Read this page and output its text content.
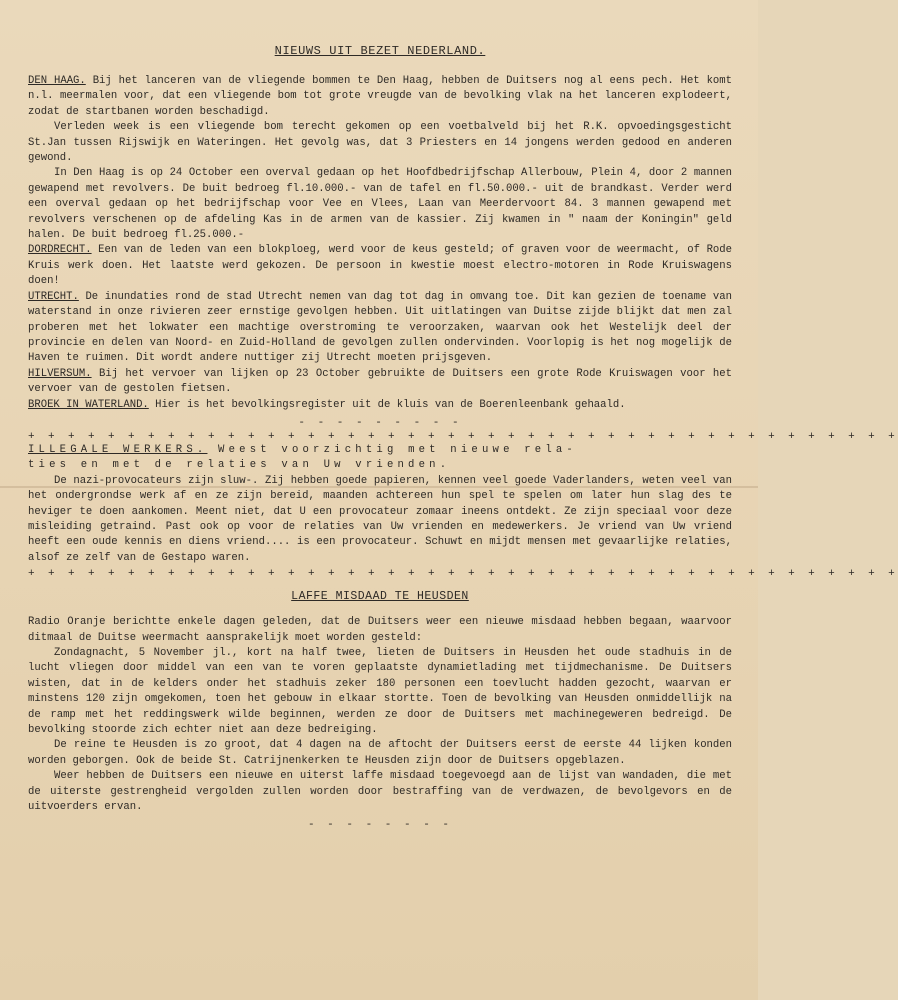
NIEUWS UIT BEZET NEDERLAND.

DEN HAAG. Bij het lanceren van de vliegende bommen te Den Haag, hebben de Duitsers nog al eens pech. Het komt n.l. meermalen voor, dat een vliegende bom tot grote vreugde van de bevolking vlak na het lanceren explodeert, zodat de startbanen worden beschadigd.

Verleden week is een vliegende bom terecht gekomen op een voetbalveld bij het R.K. opvoedingsgesticht St.Jan tussen Rijswijk en Wateringen. Het gevolg was, dat 3 Priesters en 14 jongens werden gedood en anderen gewond.

In Den Haag is op 24 October een overval gedaan op het Hoofdbedrijfschap Allerbouw, Plein 4, door 2 mannen gewapend met revolvers. De buit bedroeg fl.10.000.- van de tafel en fl.50.000.- uit de brandkast. Verder werd een overval gedaan op het bedrijfschap voor Vee en Vlees, Laan van Meerdervoort 84. 3 mannen gewapend met revolvers verschenen op de afdeling Kas in de armen van de kassier. Zij kwamen in " naam der Koningin" geld halen. De buit bedroeg fl.25.000.-

DORDRECHT. Een van de leden van een blokploeg, werd voor de keus gesteld; of graven voor de weermacht, of Rode Kruis werk doen. Het laatste werd gekozen. De persoon in kwestie moest electro-motoren in Rode Kruiswagens doen!

UTRECHT. De inundaties rond de stad Utrecht nemen van dag tot dag in omvang toe. Dit kan gezien de toename van waterstand in onze rivieren zeer ernstige gevolgen hebben. Uit uitlatingen van Duitse zijde blijkt dat men zal proberen met het lokwater een machtige overstroming te veroorzaken, waarvan ook het Westelijk deel der provincie en delen van Noord- en Zuid-Holland de gevolgen zullen ondervinden. Voorlopig is het nog mogelijk de Haven te ruimen. Dit wordt andere nuttiger zij Utrecht moeten prijsgeven.

HILVERSUM. Bij het vervoer van lijken op 23 October gebruikte de Duitsers een grote Rode Kruiswagen voor het vervoer van de gestolen fietsen.

BROEK IN WATERLAND. Hier is het bevolkingsregister uit de kluis van de Boerenleenbank gehaald.

- - - - - - - - -
+ + + + + + + + + + + + + + + + + + + + + + + + + + + + + + + + + + + + + + + + + + + +

ILLEGALE WERKERS. Weest voorzichtig met nieuwe rela-

ties en met de relaties van Uw vrienden.

De nazi-provocateurs zijn sluw-. Zij hebben goede papieren, kennen veel goede Vaderlanders, weten veel van het ondergrondse werk af en ze zijn bereid, maanden achtereen hun spel te spelen om later hun slag des te heviger te doen aankomen. Meent niet, dat U een provocateur zomaar ineens ontdekt. Ze zijn speciaal voor deze misleiding getraind. Past ook op voor de relaties van Uw vrienden en medewerkers. Je vriend van Uw vriend heeft een oude kennis en diens vriend.... is een provocateur. Schuwt en mijdt mensen met gevaarlijke relaties, alsof ze zelf van de Gestapo waren.

+ + + + + + + + + + + + + + + + + + + + + + + + + + + + + + + + + + + + + + + + + + + +
LAFFE MISDAAD TE HEUSDEN

Radio Oranje berichtte enkele dagen geleden, dat de Duitsers weer een nieuwe misdaad hebben begaan, waarvoor ditmaal de Duitse weermacht aansprakelijk moet worden gesteld:

Zondagnacht, 5 November jl., kort na half twee, lieten de Duitsers in Heusden het oude stadhuis in de lucht vliegen door middel van een van te voren geplaatste dynamietlading met tijdmechanisme. De Duitsers wisten, dat in de kelders onder het stadhuis zeker 180 personen een toevlucht hadden gezocht, waarvan er minstens 120 zijn omgekomen, toen het gebouw in elkaar stortte. Toen de bevolking van Heusden onmiddellijk na de ramp met het reddingswerk wilde beginnen, werden ze door de Duitsers met machinegeweren bedreigd. De bevolking stoorde zich echter niet aan deze bedreiging.

De reine te Heusden is zo groot, dat 4 dagen na de aftocht der Duitsers eerst de eerste 44 lijken konden worden geborgen. Ook de beide St. Catrijnenkerken te Heusden zijn door de Duitsers opgeblazen.

Weer hebben de Duitsers een nieuwe en uiterst laffe misdaad toegevoegd aan de lijst van wandaden, die met de uiterste gestrengheid vergolden zullen worden door bestraffing van de verdwazen, de bevolgevors en de uitvoerders ervan.

- - - - - - - -
